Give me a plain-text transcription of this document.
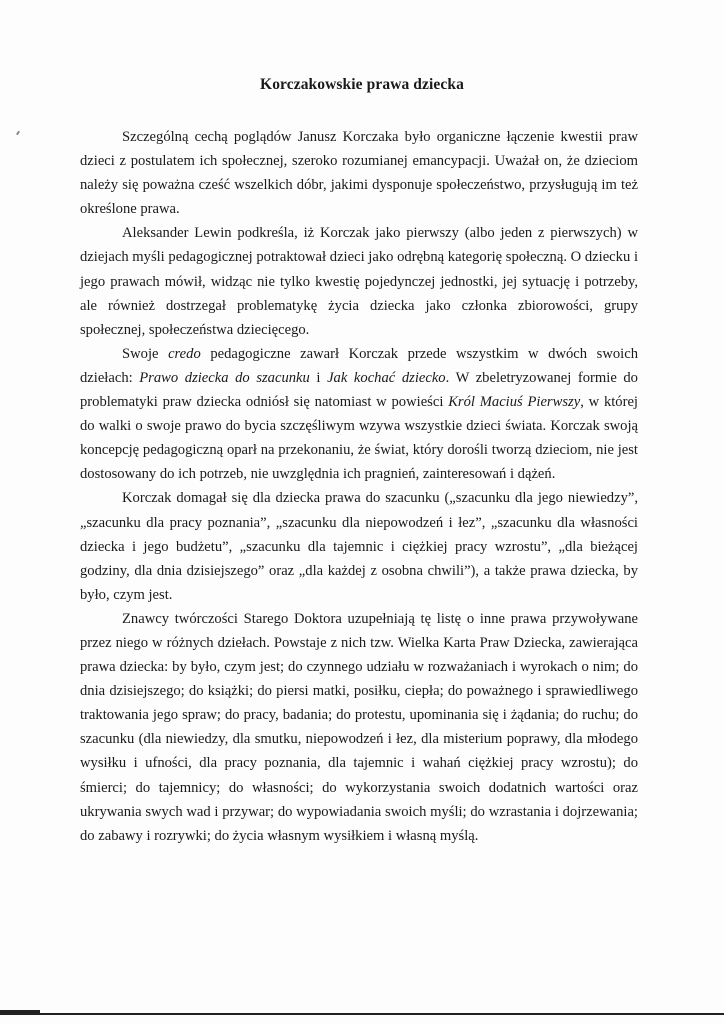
Korczakowskie prawa dziecka

Szczególną cechą poglądów Janusz Korczaka było organiczne łączenie kwestii praw dzieci z postulatem ich społecznej, szeroko rozumianej emancypacji. Uważał on, że dzieciom należy się poważna cześć wszelkich dóbr, jakimi dysponuje społeczeństwo, przysługują im też określone prawa.

Aleksander Lewin podkreśla, iż Korczak jako pierwszy (albo jeden z pierwszych) w dziejach myśli pedagogicznej potraktował dzieci jako odrębną kategorię społeczną. O dziecku i jego prawach mówił, widząc nie tylko kwestię pojedynczej jednostki, jej sytuację i potrzeby, ale również dostrzegał problematykę życia dziecka jako członka zbiorowości, grupy społecznej, społeczeństwa dziecięcego.

Swoje credo pedagogiczne zawarł Korczak przede wszystkim w dwóch swoich dziełach: Prawo dziecka do szacunku i Jak kochać dziecko. W zbeletryzowanej formie do problematyki praw dziecka odniósł się natomiast w powieści Król Maciuś Pierwszy, w której do walki o swoje prawo do bycia szczęśliwym wzywa wszystkie dzieci świata. Korczak swoją koncepcję pedagogiczną oparł na przekonaniu, że świat, który dorośli tworzą dzieciom, nie jest dostosowany do ich potrzeb, nie uwzględnia ich pragnień, zainteresowań i dążeń.

Korczak domagał się dla dziecka prawa do szacunku („szacunku dla jego niewiedzy”, „szacunku dla pracy poznania”, „szacunku dla niepowodzeń i łez”, „szacunku dla własności dziecka i jego budżetu”, „szacunku dla tajemnic i ciężkiej pracy wzrostu”, „dla bieżącej godziny, dla dnia dzisiejszego” oraz „dla każdej z osobna chwili”), a także prawa dziecka, by było, czym jest.

Znawcy twórczości Starego Doktora uzupełniają tę listę o inne prawa przywoływane przez niego w różnych dziełach. Powstaje z nich tzw. Wielka Karta Praw Dziecka, zawierająca prawa dziecka: by było, czym jest; do czynnego udziału w rozważaniach i wyrokach o nim; do dnia dzisiejszego; do książki; do piersi matki, posiłku, ciepła; do poważnego i sprawiedliwego traktowania jego spraw; do pracy, badania; do protestu, upominania się i żądania; do ruchu; do szacunku (dla niewiedzy, dla smutku, niepowodzeń i łez, dla misterium poprawy, dla młodego wysiłku i ufności, dla pracy poznania, dla tajemnic i wahań ciężkiej pracy wzrostu); do śmierci; do tajemnicy; do własności; do wykorzystania swoich dodatnich wartości oraz ukrywania swych wad i przywar; do wypowiadania swoich myśli; do wzrastania i dojrzewania; do zabawy i rozrywki; do życia własnym wysiłkiem i własną myślą.
